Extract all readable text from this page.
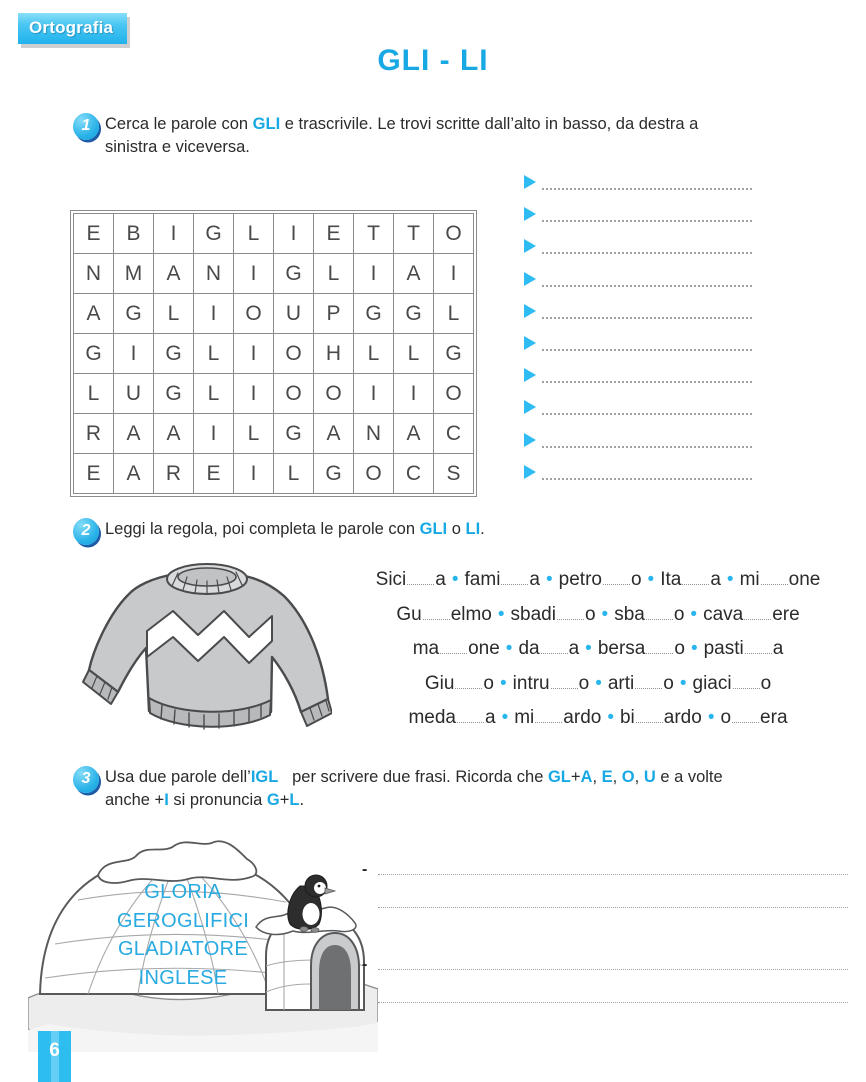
Ortografia
GLI - LI
1 Cerca le parole con GLI e trascrivile. Le trovi scritte dall’alto in basso, da destra a
sinistra e viceversa.
E	B	I	G	L	I	E	T	T	O
N	M	A	N	I	G	L	I	A	I
A	G	L	I	O	U	P	G	G	L
G	I	G	L	I	O	H	L	L	G
L	U	G	L	I	O	O	I	I	O
R	A	A	I	L	G	A	N	A	C
E	A	R	E	I	L	G	O	C	S
2 Leggi la regola, poi completa le parole con GLI o LI.
Sici a • fami a • petro o • Ita a • mi one
Gu elmo • sbadi o • sba o • cava ere
ma one • da a • bersa o • pasti a
Giu o • intru o • arti o • giaci o
meda a • mi ardo • bi ardo • o era
3 Usa due parole dell’IGL   per scrivere due frasi. Ricorda che GL+A, E, O, U e a volte
anche +I si pronuncia G+L.
GLORIA
GEROGLIFICI
GLADIATORE
INGLESE
-
-
6
